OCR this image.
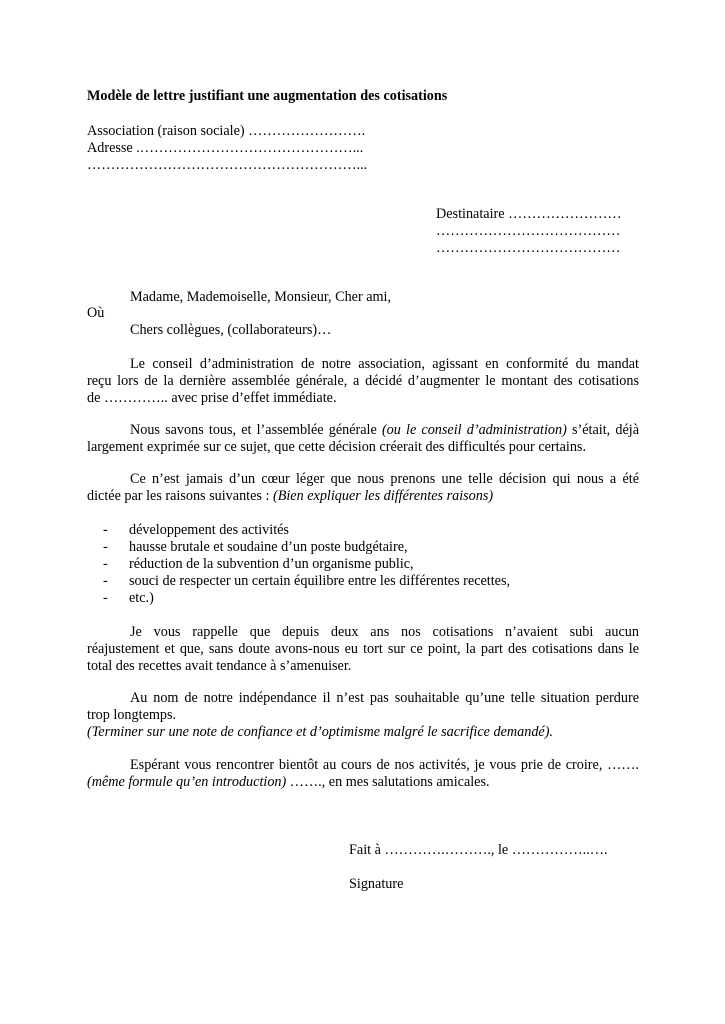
Modèle de lettre justifiant une augmentation des cotisations
Association (raison sociale) …………………….
Adresse .………………………………………...
…………………………………………………...
Destinataire ……………………
…………………………………
…………………………………
Madame, Mademoiselle, Monsieur, Cher ami,
Où
Chers collègues, (collaborateurs)…
Le conseil d’administration de notre association, agissant en conformité du mandat
reçu lors de la dernière assemblée générale, a décidé d’augmenter le montant des cotisations
de ………….. avec prise d’effet immédiate.
Nous savons tous, et l’assemblée générale (ou le conseil d’administration) s’était, déjà
largement exprimée sur ce sujet, que cette décision créerait des difficultés pour certains.
Ce n’est jamais d’un cœur léger que nous prenons une telle décision qui nous a été
dictée par les raisons suivantes : (Bien expliquer les différentes raisons)
- développement des activités
- hausse brutale et soudaine d’un poste budgétaire,
- réduction de la subvention d’un organisme public,
- souci de respecter un certain équilibre entre les différentes recettes,
- etc.)
Je vous rappelle que depuis deux ans nos cotisations n’avaient subi aucun
réajustement et que, sans doute avons-nous eu tort sur ce point, la part des cotisations dans le
total des recettes avait tendance à s’amenuiser.
Au nom de notre indépendance il n’est pas souhaitable qu’une telle situation perdure
trop longtemps.
(Terminer sur une note de confiance et d’optimisme malgré le sacrifice demandé).
Espérant vous rencontrer bientôt au cours de nos activités, je vous prie de croire, …….
(même formule qu’en introduction) ……., en mes salutations amicales.
Fait à ………….………., le ……………..….
Signature
